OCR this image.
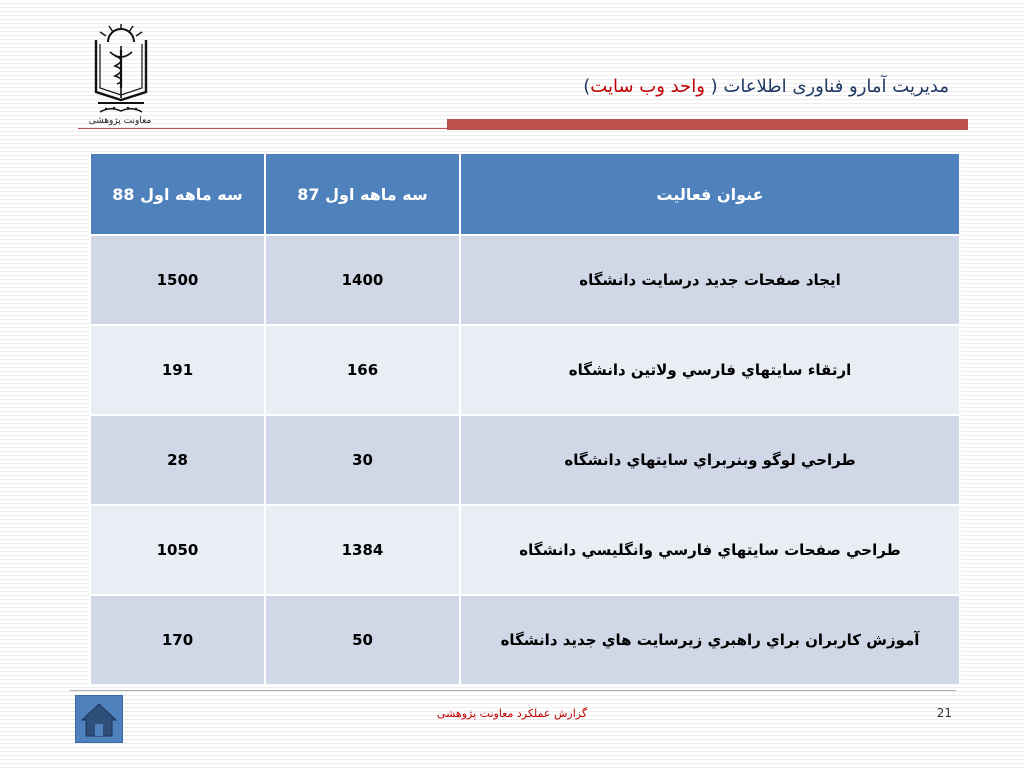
معاونت پژوهشی
مدیریت آمارو فناوری اطلاعات ( واحد وب سایت)
عنوان فعاليت	سه ماهه اول 87	سه ماهه اول 88
ايجاد صفحات جديد درسايت دانشگاه	1400	1500
ارتقاء سايتهاي فارسي ولاتين دانشگاه	166	191
طراحي لوگو وبنربراي سايتهاي دانشگاه	30	28
طراحي صفحات سايتهاي فارسي وانگليسي دانشگاه	1384	1050
آموزش كاربران براي راهبري زيرسايت هاي جديد دانشگاه	50	170
گزارش عملکرد معاونت پژوهشی	21
